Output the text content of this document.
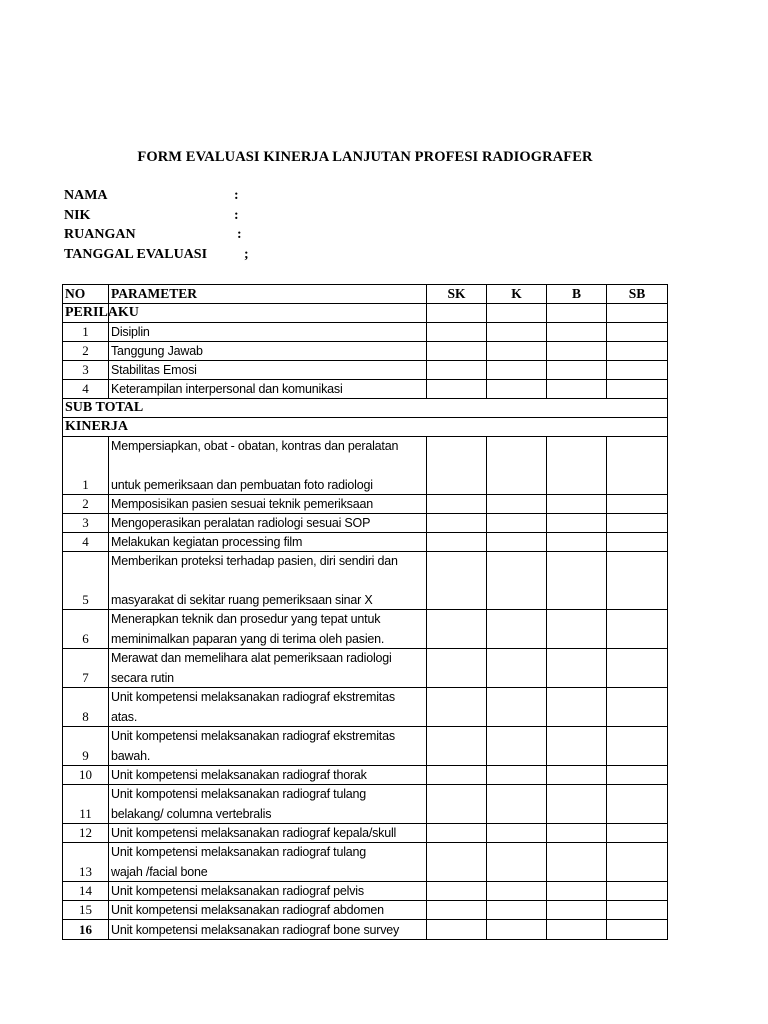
FORM EVALUASI KINERJA LANJUTAN PROFESI RADIOGRAFER
NAMA	:
NIK	:
RUANGAN	:
TANGGAL EVALUASI	;
NO	PARAMETER	SK	K	B	SB
PERILAKU					
1	Disiplin				
2	Tanggung Jawab				
3	Stabilitas Emosi				
4	Keterampilan interpersonal dan komunikasi				
SUB TOTAL					
KINERJA					
1	Mempersiapkan, obat - obatan, kontras dan peralatan
untuk pemeriksaan dan pembuatan foto radiologi				

2	Memposisikan pasien sesuai teknik pemeriksaan				
3	Mengoperasikan peralatan radiologi sesuai SOP				
4	Melakukan kegiatan processing film				
5	Memberikan proteksi terhadap pasien, diri sendiri dan
masyarakat di sekitar ruang pemeriksaan sinar X				

6	Menerapkan teknik dan prosedur yang tepat untuk
meminimalkan paparan yang di terima oleh pasien.				

7	Merawat dan memelihara alat pemeriksaan radiologi
secara rutin				

8	Unit kompetensi melaksanakan radiograf ekstremitas
atas.				

9	Unit kompetensi melaksanakan radiograf ekstremitas
bawah.				

10	Unit kompetensi melaksanakan radiograf thorak				
11	Unit kompotensi melaksanakan radiograf tulang
belakang/ columna vertebralis				

12	Unit kompetensi melaksanakan radiograf kepala/skull				
13	Unit kompetensi melaksanakan radiograf tulang
wajah /facial bone				

14	Unit kompetensi melaksanakan radiograf pelvis				
15	Unit kompetensi melaksanakan radiograf abdomen				
16	Unit kompetensi melaksanakan radiograf bone survey				
